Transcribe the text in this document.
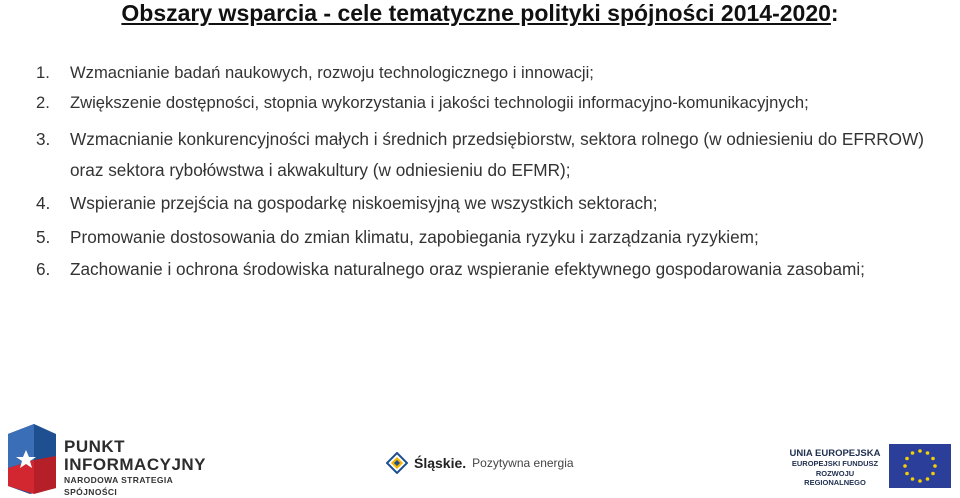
Obszary wsparcia - cele tematyczne polityki spójności 2014-2020:
1. Wzmacnianie badań naukowych, rozwoju technologicznego i innowacji;
2. Zwiększenie dostępności, stopnia wykorzystania i jakości technologii informacyjno-komunikacyjnych;
3. Wzmacnianie konkurencyjności małych i średnich przedsiębiorstw, sektora rolnego (w odniesieniu do EFRROW) oraz sektora rybołówstwa i akwakultury (w odniesieniu do EFMR);
4. Wspieranie przejścia na gospodarkę niskoemisyjną we wszystkich sektorach;
5. Promowanie dostosowania do zmian klimatu, zapobiegania ryzyku i zarządzania ryzykiem;
6. Zachowanie i ochrona środowiska naturalnego oraz wspieranie efektywnego gospodarowania zasobami;
PUNKT
INFORMACYJNY
NARODOWA STRATEGIA SPÓJNOŚCI
Śląskie. Pozytywna energia
UNIA EUROPEJSKA
EUROPEJSKI FUNDUSZ
ROZWOJU REGIONALNEGO
